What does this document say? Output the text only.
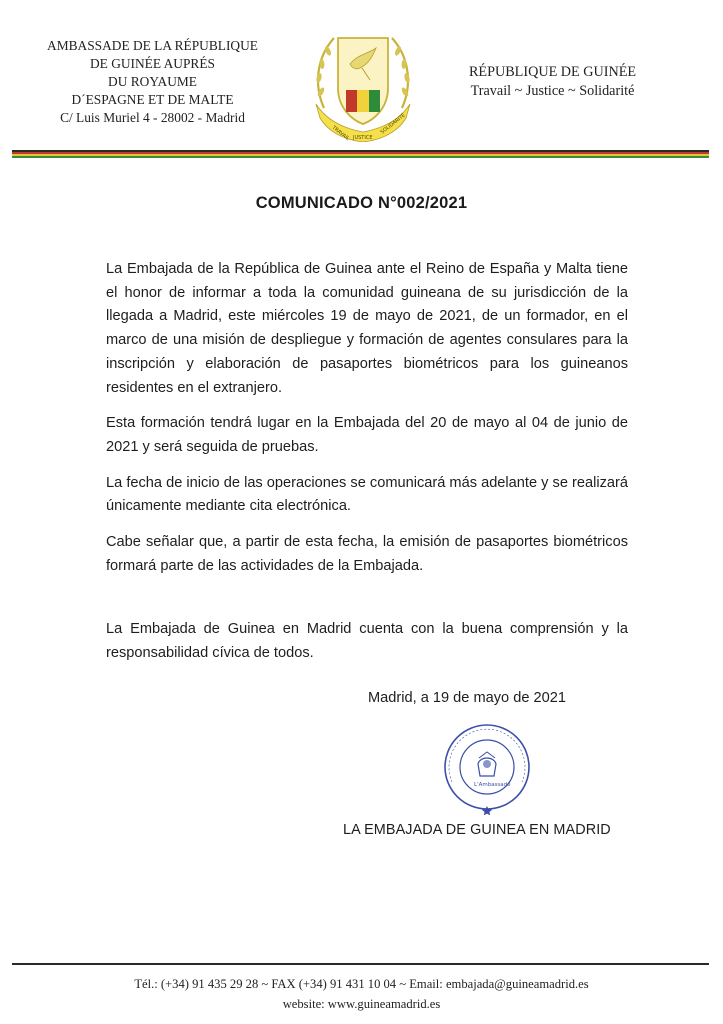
AMBASSADE DE LA RÉPUBLIQUE
DE GUINÉE AUPRÉS
DU ROYAUME
D´ESPAGNE ET DE MALTE
C/ Luis Muriel 4 - 28002 - Madrid
TRAVAIL JUSTICE
SOLIDARITÉ
RÉPUBLIQUE DE GUINÉE
Travail ~ Justice ~ Solidarité
COMUNICADO N°002/2021

La Embajada de la República de Guinea ante el Reino de España y Malta tiene el honor de informar a toda la comunidad guineana de su jurisdicción de la llegada a Madrid, este miércoles 19 de mayo de 2021, de un formador, en el marco de una misión de despliegue y formación de agentes consulares para la inscripción y elaboración de pasaportes biométricos para los guineanos residentes en el extranjero.

Esta formación tendrá lugar en la Embajada del 20 de mayo al 04 de junio de 2021 y será seguida de pruebas.

La fecha de inicio de las operaciones se comunicará más adelante y se realizará únicamente mediante cita electrónica.

Cabe señalar que, a partir de esta fecha, la emisión de pasaportes biométricos formará parte de las actividades de la Embajada.

La Embajada de Guinea en Madrid cuenta con la buena comprensión y la responsabilidad cívica de todos.

Madrid, a 19 de mayo de 2021
L'Ambassade
LA EMBAJADA DE GUINEA EN MADRID
Tél.: (+34) 91 435 29 28 ~ FAX (+34) 91 431 10 04 ~ Email: embajada@guineamadrid.es
website: www.guineamadrid.es
